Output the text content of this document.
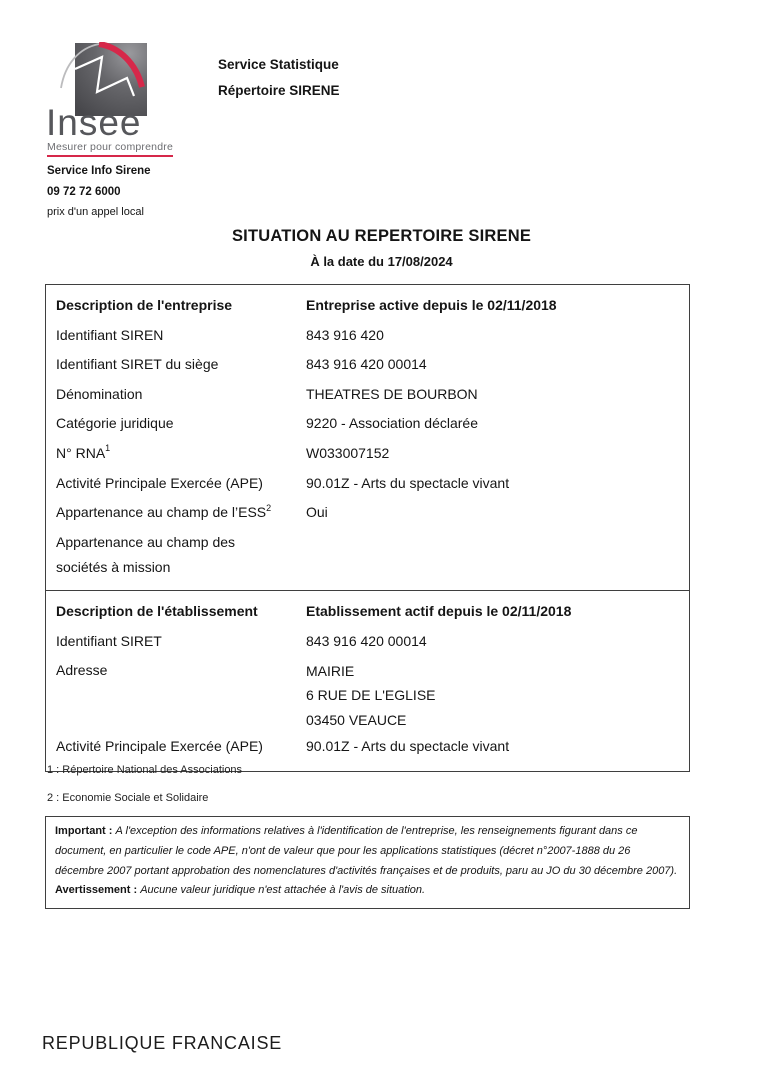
Insee
Mesurer pour comprendre
Service Info Sirene
09 72 72 6000
prix d'un appel local
Service Statistique
Répertoire SIRENE
SITUATION AU REPERTOIRE SIRENE
À la date du 17/08/2024
Description de l'entreprise	Entreprise active depuis le 02/11/2018
Identifiant SIREN	843 916 420
Identifiant SIRET du siège	843 916 420 00014
Dénomination	THEATRES DE BOURBON
Catégorie juridique	9220 - Association déclarée
N° RNA$^1$	W033007152
Activité Principale Exercée (APE)	90.01Z - Arts du spectacle vivant
Appartenance au champ de l’ESS$^2$	Oui
Appartenance au champ des
sociétés à mission
Description de l'établissement	Etablissement actif depuis le 02/11/2018
Identifiant SIRET	843 916 420 00014
Adresse	MAIRIE
6 RUE DE L'EGLISE
03450 VEAUCE
Activité Principale Exercée (APE)	90.01Z - Arts du spectacle vivant
1 : Répertoire National des Associations
2 : Economie Sociale et Solidaire

Important : A l'exception des informations relatives à l'identification de l'entreprise, les renseignements figurant dans ce document, en particulier le code APE, n'ont de valeur que pour les applications statistiques (décret n°2007-1888 du 26 décembre 2007 portant approbation des nomenclatures d'activités françaises et de produits, paru au JO du 30 décembre 2007).

Avertissement : Aucune valeur juridique n'est attachée à l'avis de situation.

REPUBLIQUE FRANCAISE
